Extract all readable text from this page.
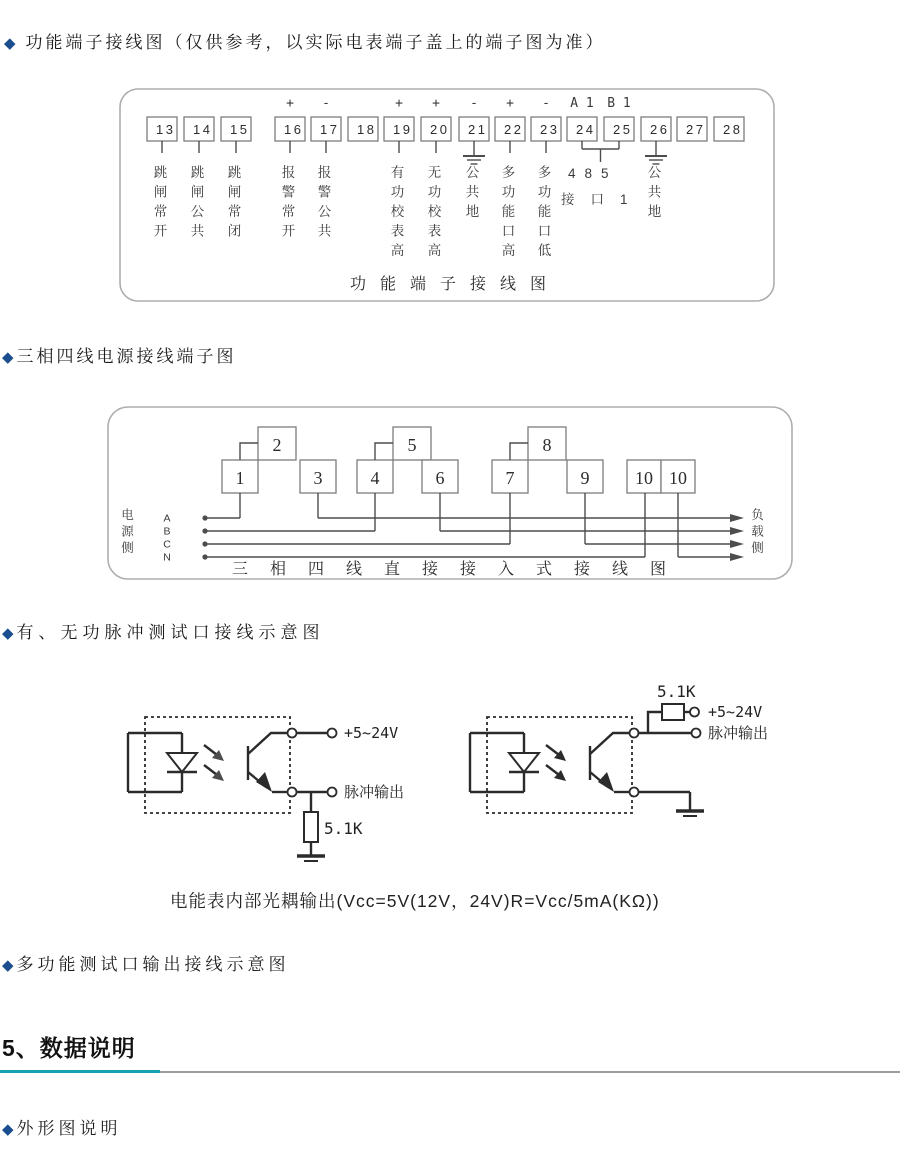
◆ 功能端子接线图（仅供参考，以实际电表端子盖上的端子图为准）
13 14 15	16 17 18 19 20 21 22 23 24 25 26 27 28
+ -	+ + - + - A 1 B 1
功能端子接线图
跳闸常开 跳闸公共 跳闸常闭	报警常开 报警公共	有功校表高 无功校表高 公共地 多功能口高 多功能口低	公共地
485
接口1
◆ 三相四线电源接线端子图
2	5	8
1	3	4	6	7	9	10 10
A
B
C
N
三相四线直接接入式接线图
电源侧	负载侧
◆ 有、无功脉冲测试口接线示意图
+5~24V
脉冲输出
5.1K
5.1K
+5~24V
脉冲输出
电能表内部光耦输出(Vcc=5V(12V，24V)R=Vcc/5mA(KΩ))
◆ 多功能测试口输出接线示意图
5、数据说明
◆ 外形图说明
